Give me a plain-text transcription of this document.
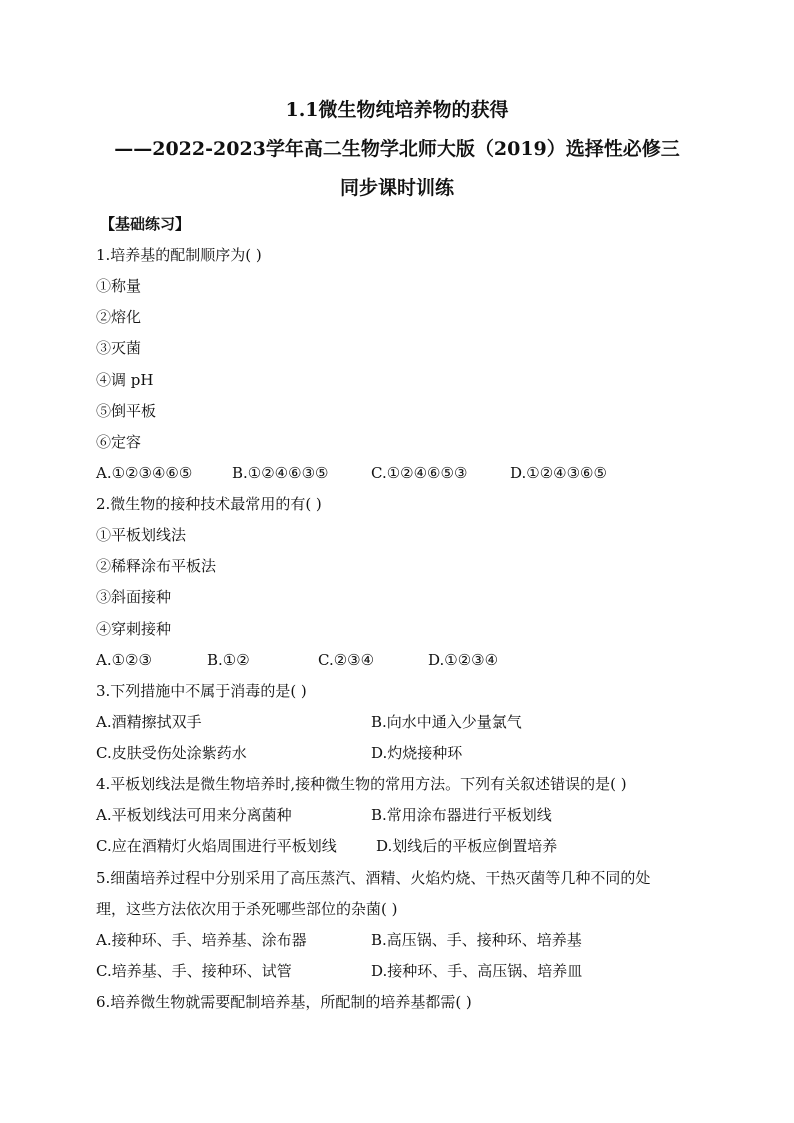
1.1微生物纯培养物的获得
——2022-2023学年高二生物学北师大版（2019）选择性必修三
同步课时训练
【基础练习】
1.培养基的配制顺序为( )
①称量
②熔化
③灭菌
④调 pH
⑤倒平板
⑥定容
A.①②③④⑥⑤	B.①②④⑥③⑤	C.①②④⑥⑤③	D.①②④③⑥⑤
2.微生物的接种技术最常用的有( )
①平板划线法
②稀释涂布平板法
③斜面接种
④穿刺接种
A.①②③	B.①②	C.②③④	D.①②③④
3.下列措施中不属于消毒的是( )
A.酒精擦拭双手	B.向水中通入少量氯气
C.皮肤受伤处涂紫药水	D.灼烧接种环
4.平板划线法是微生物培养时,接种微生物的常用方法。下列有关叙述错误的是( )
A.平板划线法可用来分离菌种	B.常用涂布器进行平板划线
C.应在酒精灯火焰周围进行平板划线	D.划线后的平板应倒置培养
5.细菌培养过程中分别采用了高压蒸汽、酒精、火焰灼烧、干热灭菌等几种不同的处
理，这些方法依次用于杀死哪些部位的杂菌( )
A.接种环、手、培养基、涂布器	B.高压锅、手、接种环、培养基
C.培养基、手、接种环、试管	D.接种环、手、高压锅、培养皿
6.培养微生物就需要配制培养基，所配制的培养基都需( )
